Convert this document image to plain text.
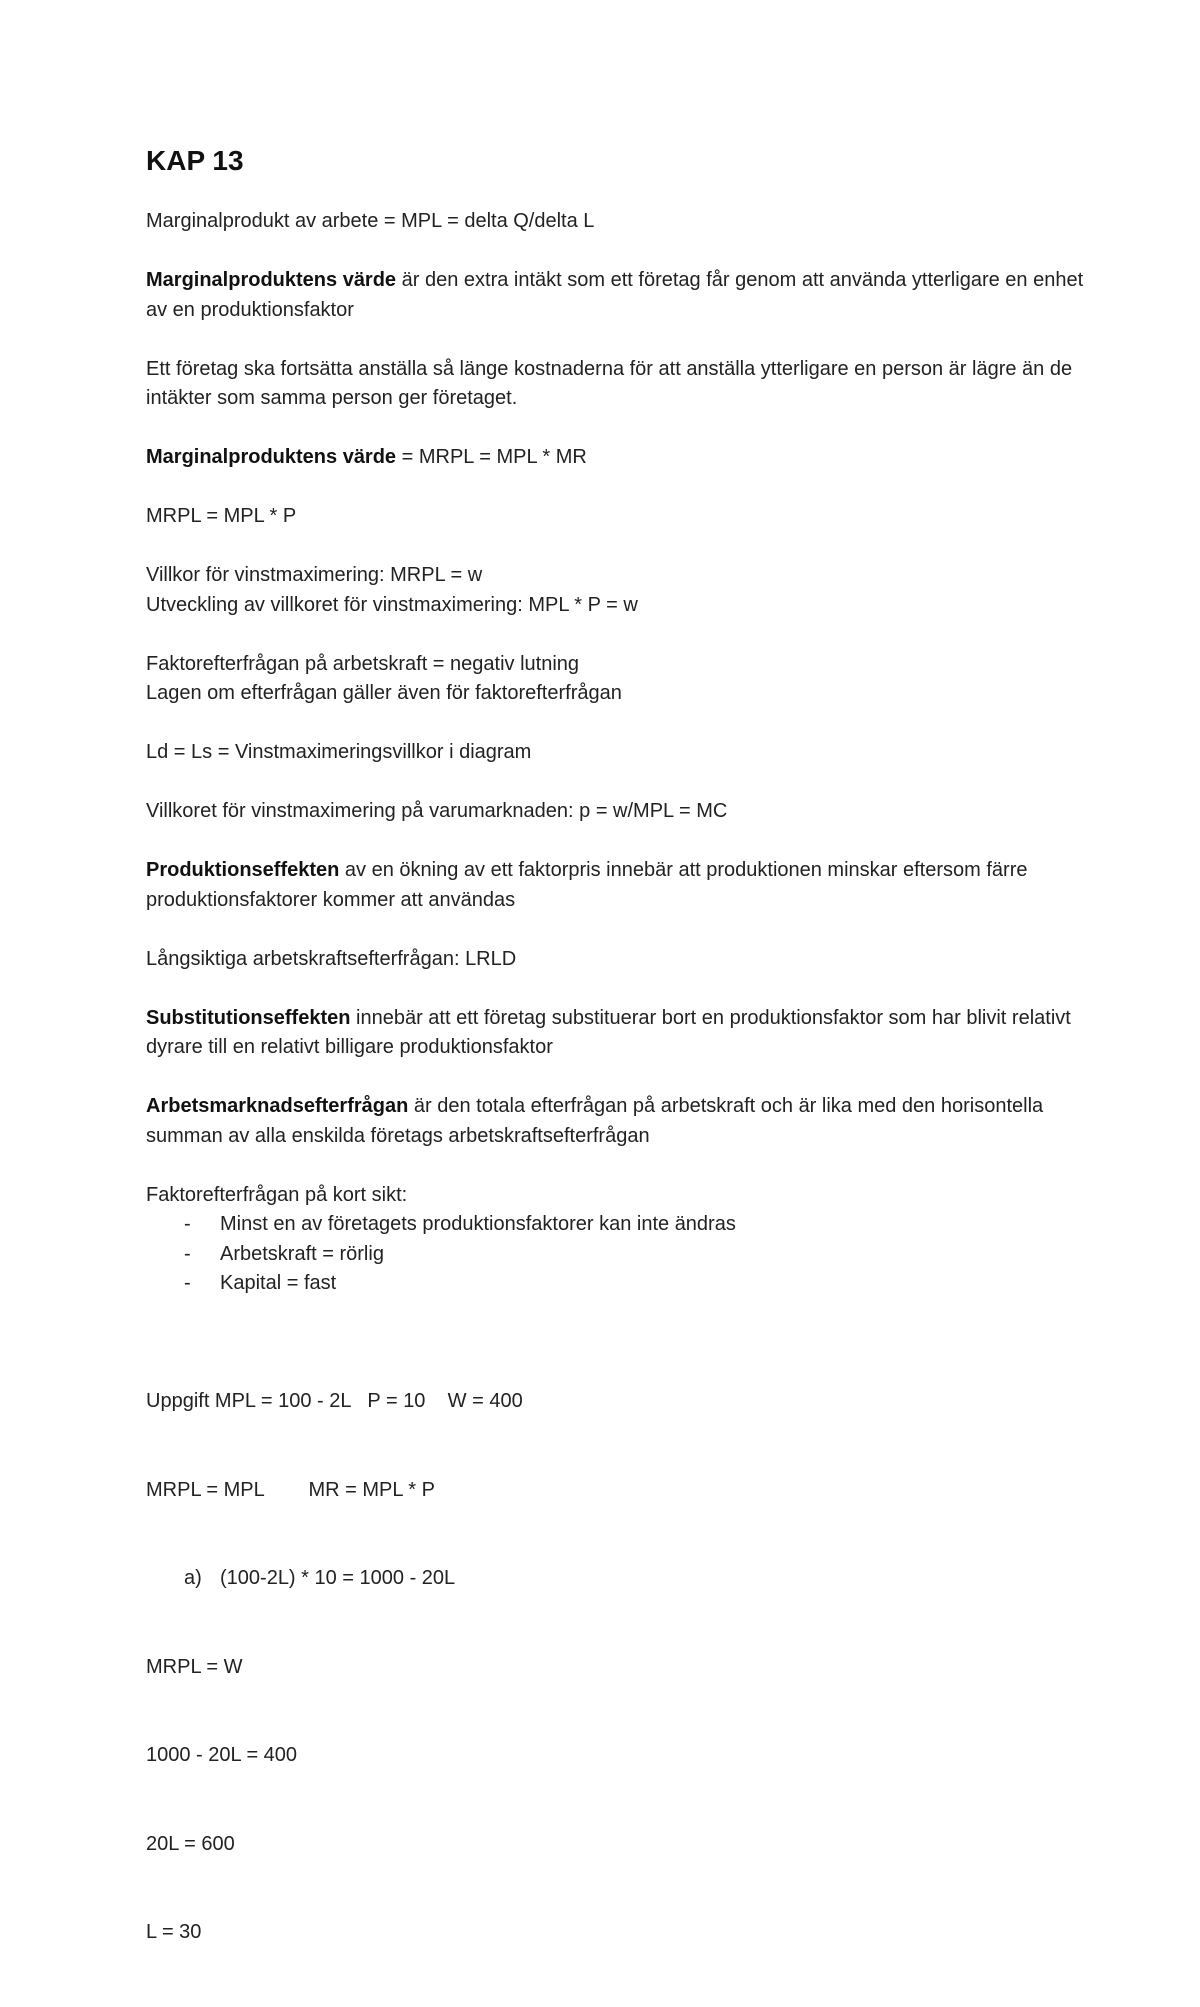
KAP 13

Marginalprodukt av arbete = MPL = delta Q/delta L

Marginalproduktens värde är den extra intäkt som ett företag får genom att använda ytterligare en enhet av en produktionsfaktor

Ett företag ska fortsätta anställa så länge kostnaderna för att anställa ytterligare en person är lägre än de intäkter som samma person ger företaget.

Marginalproduktens värde = MRPL = MPL * MR

MRPL = MPL * P

Villkor för vinstmaximering: MRPL = w
Utveckling av villkoret för vinstmaximering: MPL * P = w

Faktorefterfrågan på arbetskraft = negativ lutning
Lagen om efterfrågan gäller även för faktorefterfrågan

Ld = Ls = Vinstmaximeringsvillkor i diagram

Villkoret för vinstmaximering på varumarknaden: p = w/MPL = MC

Produktionseffekten av en ökning av ett faktorpris innebär att produktionen minskar eftersom färre produktionsfaktorer kommer att användas

Långsiktiga arbetskraftsefterfrågan: LRLD

Substitutionseffekten innebär att ett företag substituerar bort en produktionsfaktor som har blivit relativt dyrare till en relativt billigare produktionsfaktor

Arbetsmarknadsefterfrågan är den totala efterfrågan på arbetskraft och är lika med den horisontella summan av alla enskilda företags arbetskraftsefterfrågan

Faktorefterfrågan på kort sikt:
- Minst en av företagets produktionsfaktorer kan inte ändras
- Arbetskraft = rörlig
- Kapital = fast

Uppgift MPL = 100 - 2L   P = 10    W = 400

MRPL = MPL        MR = MPL * P

a) (100-2L) * 10 = 1000 - 20L

MRPL = W

1000 - 20L = 400

20L = 600

L = 30
